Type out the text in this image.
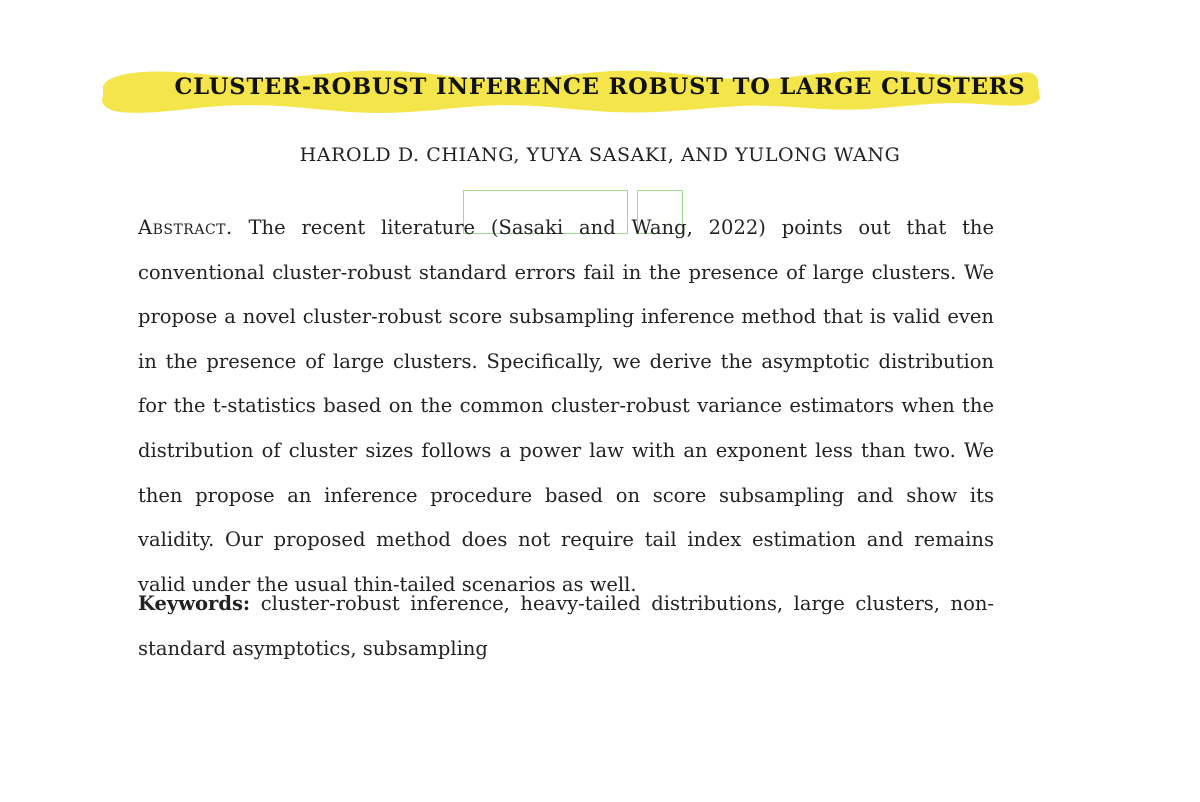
CLUSTER-ROBUST INFERENCE ROBUST TO LARGE CLUSTERS
HAROLD D. CHIANG, YUYA SASAKI, AND YULONG WANG
Abstract. The recent literature (Sasaki and Wang, 2022) points out that the conventional cluster-robust standard errors fail in the presence of large clusters. We propose a novel cluster-robust score subsampling inference method that is valid even in the presence of large clusters. Specifically, we derive the asymptotic distribution for the t-statistics based on the common cluster-robust variance estimators when the distribution of cluster sizes follows a power law with an exponent less than two. We then propose an inference procedure based on score subsampling and show its validity. Our proposed method does not require tail index estimation and remains valid under the usual thin-tailed scenarios as well.
Keywords: cluster-robust inference, heavy-tailed distributions, large clusters, non-standard asymptotics, subsampling
